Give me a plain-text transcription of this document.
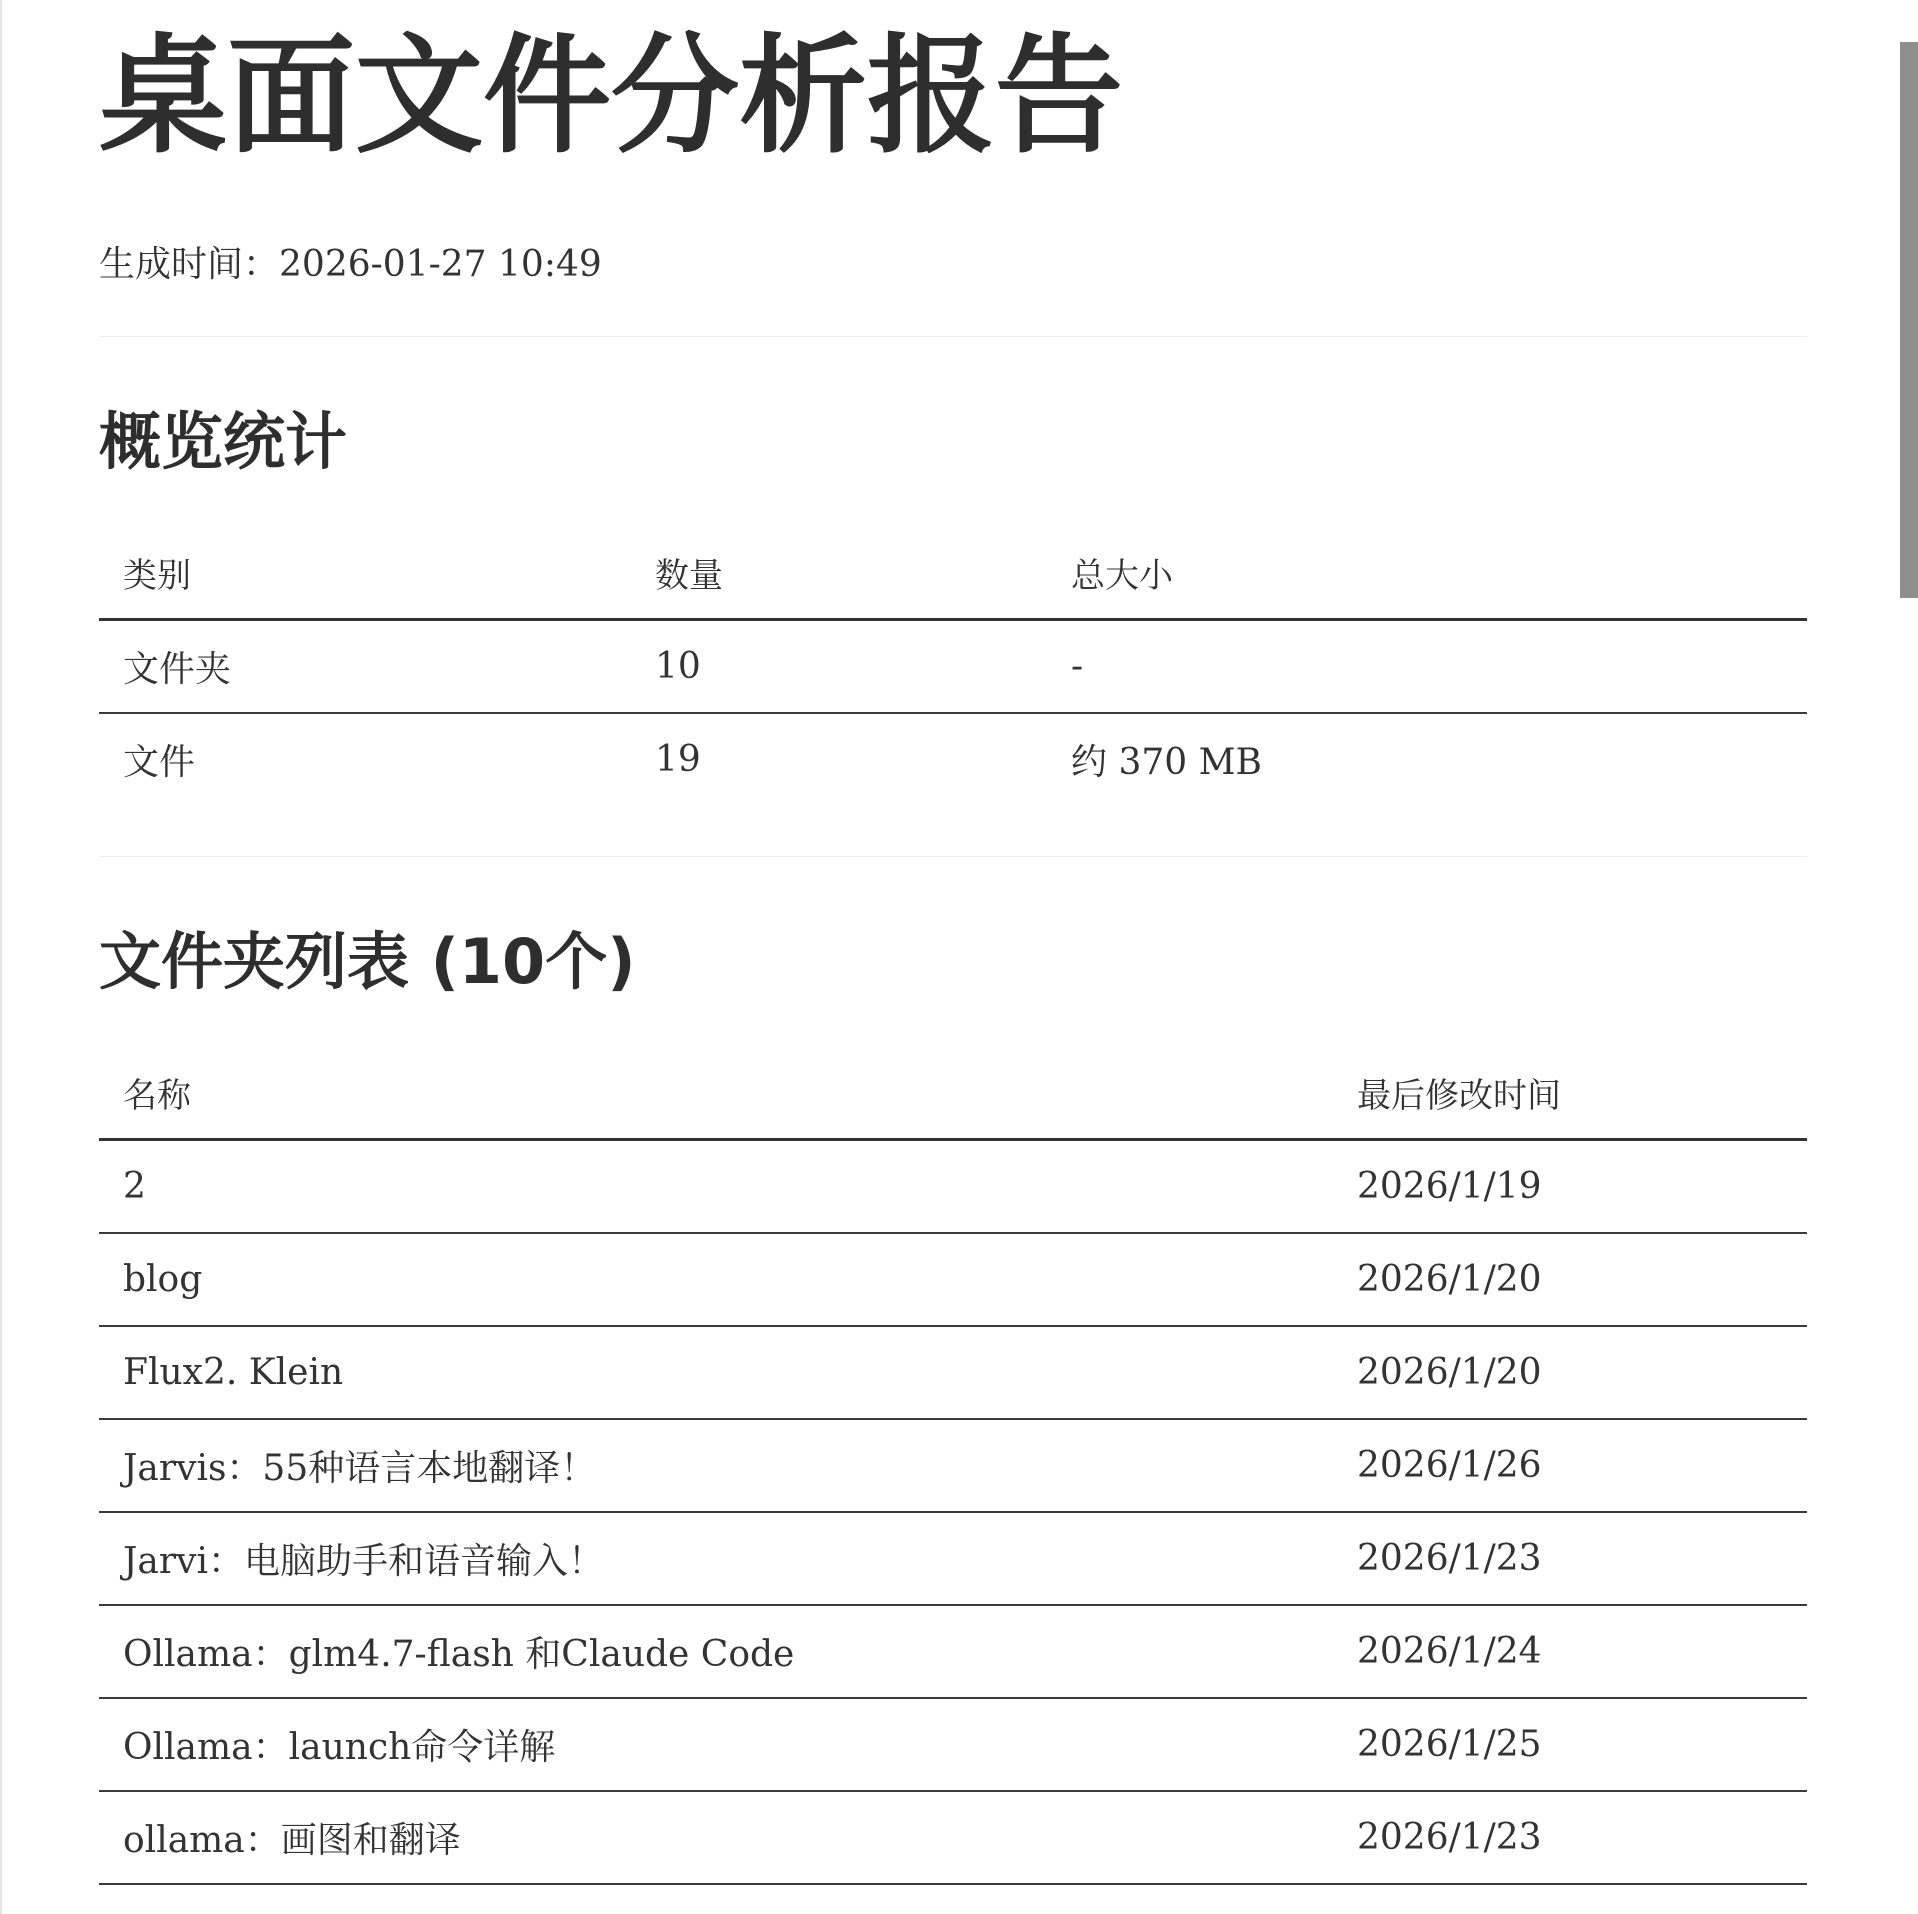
桌面文件分析报告
生成时间：2026-01-27 10:49
概览统计
类别	数量	总大小
文件夹	10	-
文件	19	约 370 MB
文件夹列表 (10个)
名称	最后修改时间
2	2026/1/19
blog	2026/1/20
Flux2. Klein	2026/1/20
Jarvis：55种语言本地翻译！	2026/1/26
Jarvi：电脑助手和语音输入！	2026/1/23
Ollama：glm4.7-flash 和Claude Code	2026/1/24
Ollama：launch命令详解	2026/1/25
ollama：画图和翻译	2026/1/23
